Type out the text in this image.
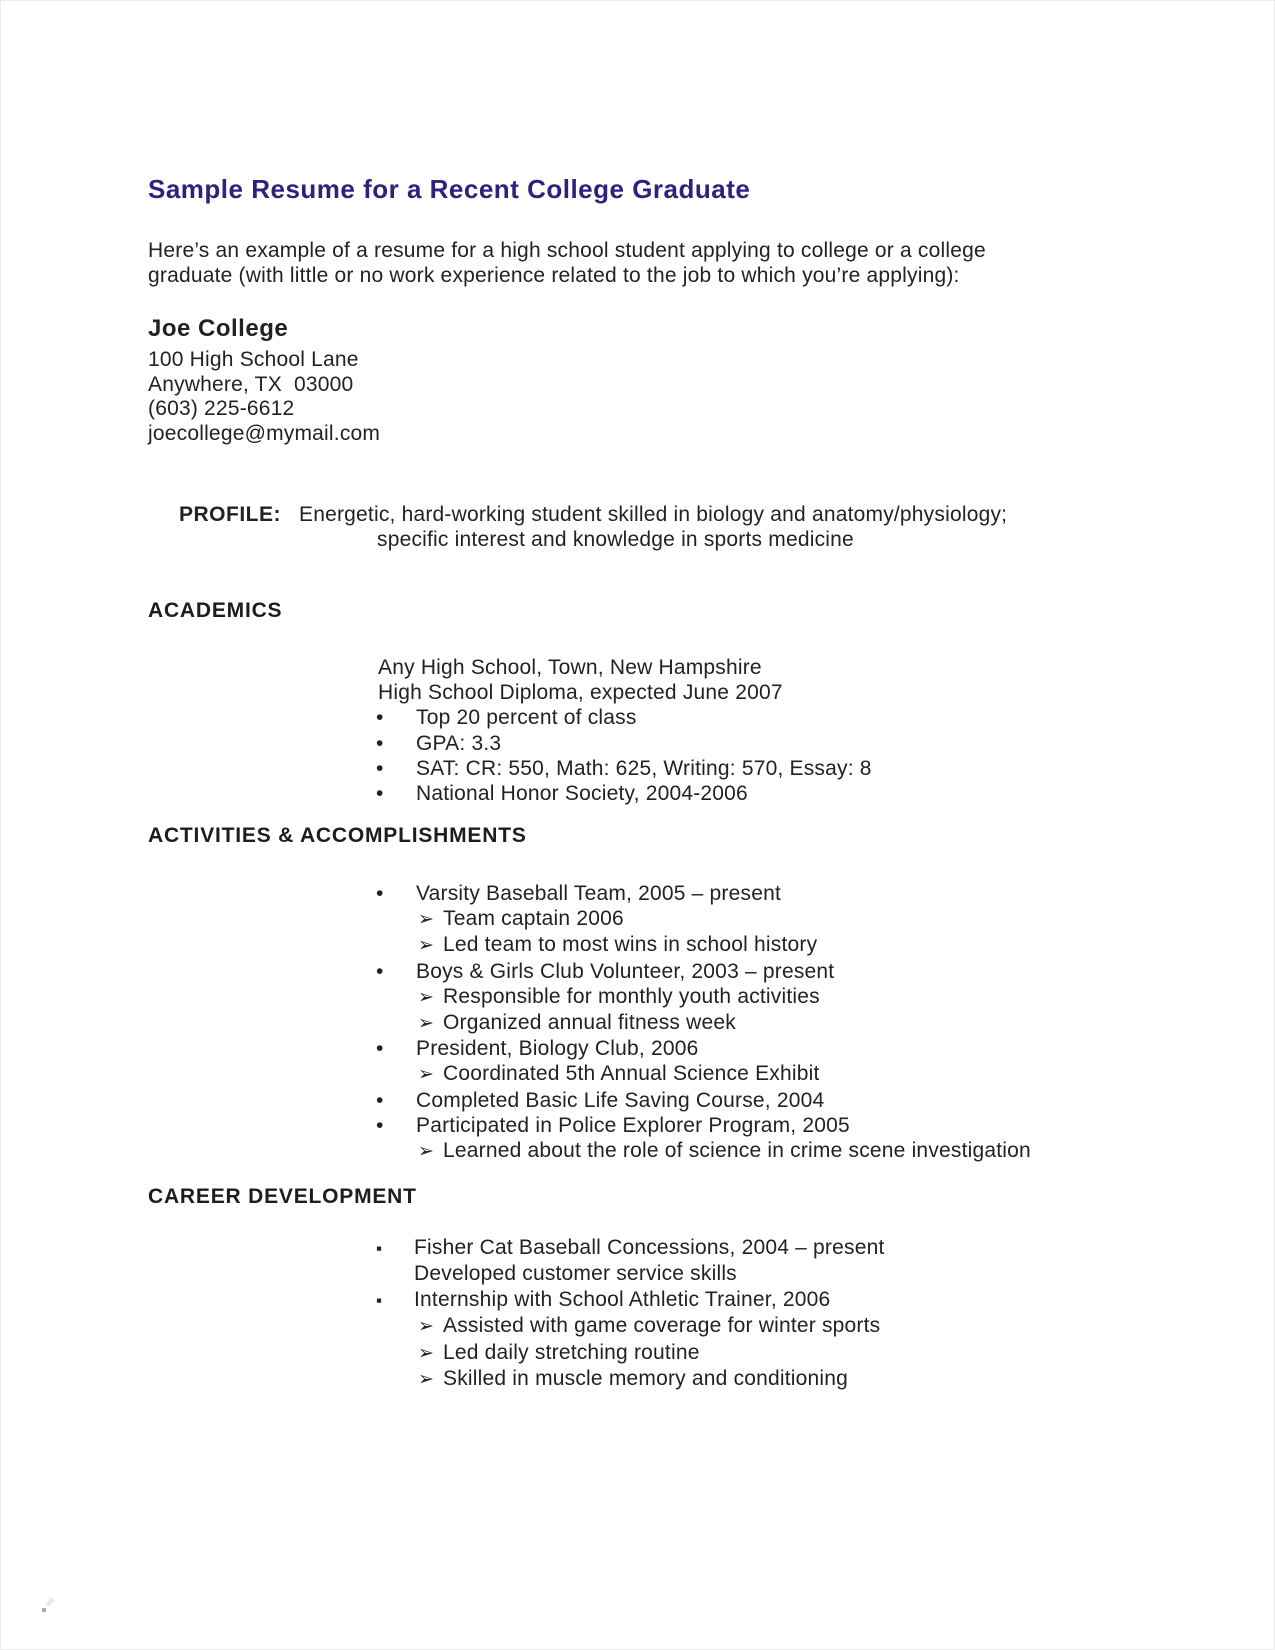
Sample Resume for a Recent College Graduate
Here’s an example of a resume for a high school student applying to college or a college
graduate (with little or no work experience related to the job to which you’re applying):
Joe College
100 High School Lane
Anywhere, TX  03000
(603) 225-6612
joecollege@mymail.com
PROFILE: Energetic, hard-working student skilled in biology and anatomy/physiology;
specific interest and knowledge in sports medicine
ACADEMICS
Any High School, Town, New Hampshire
High School Diploma, expected June 2007
•	Top 20 percent of class
•	GPA: 3.3
•	SAT: CR: 550, Math: 625, Writing: 570, Essay: 8
•	National Honor Society, 2004-2006
ACTIVITIES & ACCOMPLISHMENTS
•	Varsity Baseball Team, 2005 – present
➢ Team captain 2006
➢ Led team to most wins in school history
•	Boys & Girls Club Volunteer, 2003 – present
➢ Responsible for monthly youth activities
➢ Organized annual fitness week
•	President, Biology Club, 2006
➢ Coordinated 5th Annual Science Exhibit
•	Completed Basic Life Saving Course, 2004
•	Participated in Police Explorer Program, 2005
➢ Learned about the role of science in crime scene investigation
CAREER DEVELOPMENT
▪	Fisher Cat Baseball Concessions, 2004 – present
Developed customer service skills
▪	Internship with School Athletic Trainer, 2006
➢ Assisted with game coverage for winter sports
➢ Led daily stretching routine
➢ Skilled in muscle memory and conditioning
